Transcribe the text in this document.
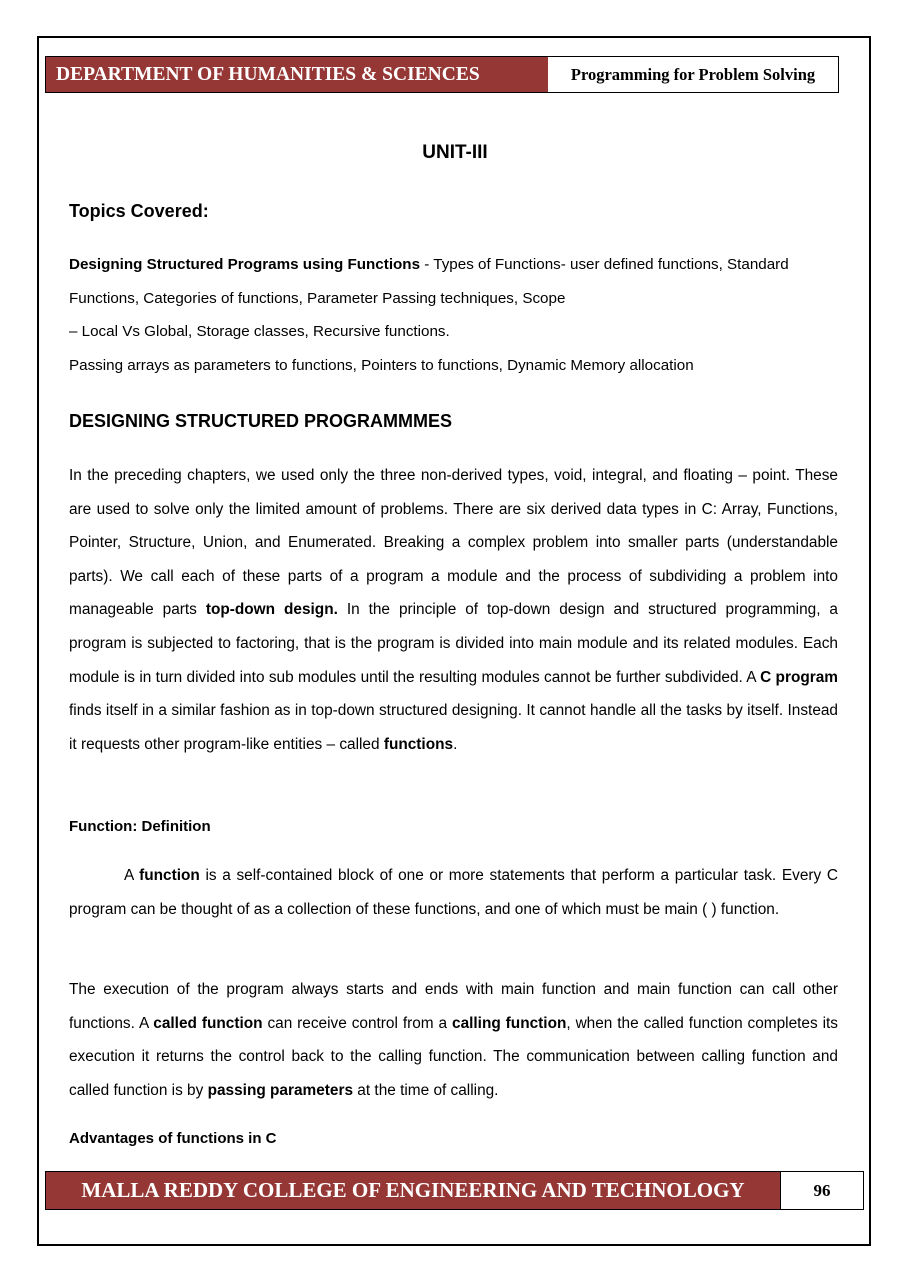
DEPARTMENT OF HUMANITIES & SCIENCES	Programming for Problem Solving
UNIT-III
Topics Covered:
Designing Structured Programs using Functions - Types of Functions- user defined functions, Standard
Functions, Categories of functions, Parameter Passing techniques, Scope
– Local Vs Global, Storage classes, Recursive functions.
Passing arrays as parameters to functions, Pointers to functions, Dynamic Memory allocation
DESIGNING STRUCTURED PROGRAMMMES
In the preceding chapters, we used only the three non-derived types, void, integral, and floating – point. These are used to solve only the limited amount of problems. There are six derived data types in C: Array, Functions, Pointer, Structure, Union, and Enumerated. Breaking a complex problem into smaller parts (understandable parts). We call each of these parts of a program a module and the process of subdividing a problem into manageable parts top-down design. In the principle of top-down design and structured programming, a program is subjected to factoring, that is the program is divided into main module and its related modules. Each module is in turn divided into sub modules until the resulting modules cannot be further subdivided. A C program finds itself in a similar fashion as in top-down structured designing. It cannot handle all the tasks by itself. Instead it requests other program-like entities – called functions.
Function: Definition
A function is a self-contained block of one or more statements that perform a particular task. Every C program can be thought of as a collection of these functions, and one of which must be main ( ) function.
The execution of the program always starts and ends with main function and main function can call other functions. A called function can receive control from a calling function, when the called function completes its execution it returns the control back to the calling function. The communication between calling function and called function is by passing parameters at the time of calling.
Advantages of functions in C
MALLA REDDY COLLEGE OF ENGINEERING AND TECHNOLOGY	96
